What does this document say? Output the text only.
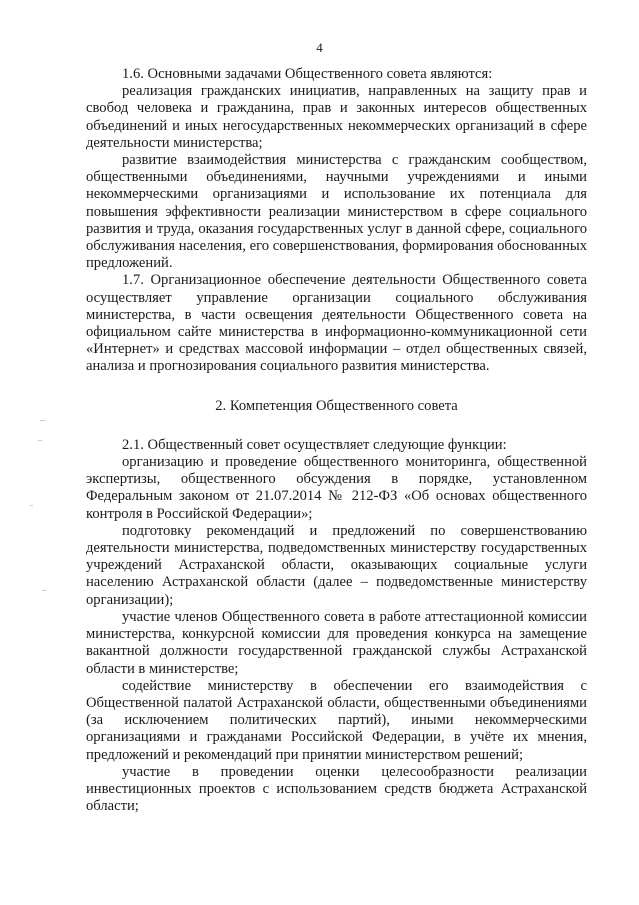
4

1.6. Основными задачами Общественного совета являются:

реализация гражданских инициатив, направленных на защиту прав и свобод человека и гражданина, прав и законных интересов общественных объединений и иных негосударственных некоммерческих организаций в сфере деятельности министерства;

развитие взаимодействия министерства с гражданским сообществом, общественными объединениями, научными учреждениями и иными некоммерческими организациями и использование их потенциала для повышения эффективности реализации министерством в сфере социального развития и труда, оказания государственных услуг в данной сфере, социального обслуживания населения, его совершенствования, формирования обоснованных предложений.

1.7. Организационное обеспечение деятельности Общественного совета осуществляет управление организации социального обслуживания министерства, в части освещения деятельности Общественного совета на официальном сайте министерства в информационно-коммуникационной сети «Интернет» и средствах массовой информации – отдел общественных связей, анализа и прогнозирования социального развития министерства.

2. Компетенция Общественного совета

2.1. Общественный совет осуществляет следующие функции:

организацию и проведение общественного мониторинга, общественной экспертизы, общественного обсуждения в порядке, установленном Федеральным законом от 21.07.2014 № 212-ФЗ «Об основах общественного контроля в Российской Федерации»;

подготовку рекомендаций и предложений по совершенствованию деятельности министерства, подведомственных министерству государственных учреждений Астраханской области, оказывающих социальные услуги населению Астраханской области (далее – подведомственные министерству организации);

участие членов Общественного совета в работе аттестационной комиссии министерства, конкурсной комиссии для проведения конкурса на замещение вакантной должности государственной гражданской службы Астраханской области в министерстве;

содействие министерству в обеспечении его взаимодействия с Общественной палатой Астраханской области, общественными объединениями (за исключением политических партий), иными некоммерческими организациями и гражданами Российской Федерации, в учёте их мнения, предложений и рекомендаций при принятии министерством решений;

участие в проведении оценки целесообразности реализации инвестиционных проектов с использованием средств бюджета Астраханской области;
